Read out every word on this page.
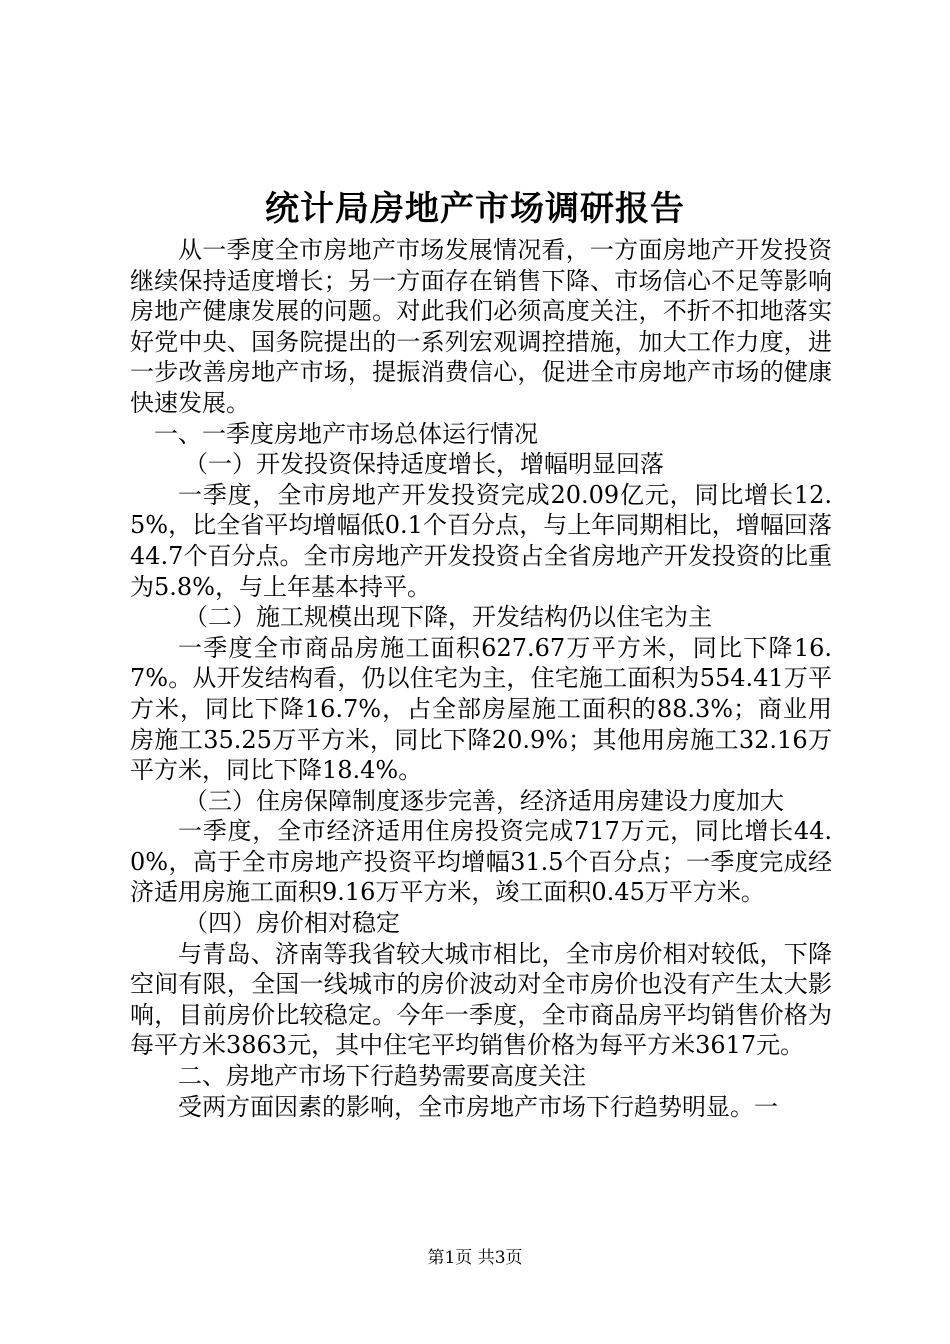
统计局房地产市场调研报告

从一季度全市房地产市场发展情况看，一方面房地产开发投资继续保持适度增长；另一方面存在销售下降、市场信心不足等影响房地产健康发展的问题。对此我们必须高度关注，不折不扣地落实好党中央、国务院提出的一系列宏观调控措施，加大工作力度，进一步改善房地产市场，提振消费信心，促进全市房地产市场的健康快速发展。

一、一季度房地产市场总体运行情况

（一）开发投资保持适度增长，增幅明显回落

一季度，全市房地产开发投资完成20.09亿元，同比增长12.5%，比全省平均增幅低0.1个百分点，与上年同期相比，增幅回落44.7个百分点。全市房地产开发投资占全省房地产开发投资的比重为5.8%，与上年基本持平。

（二）施工规模出现下降，开发结构仍以住宅为主

一季度全市商品房施工面积627.67万平方米，同比下降16.7%。从开发结构看，仍以住宅为主，住宅施工面积为554.41万平方米，同比下降16.7%，占全部房屋施工面积的88.3%；商业用房施工35.25万平方米，同比下降20.9%；其他用房施工32.16万平方米，同比下降18.4%。

（三）住房保障制度逐步完善，经济适用房建设力度加大

一季度，全市经济适用住房投资完成717万元，同比增长44.0%，高于全市房地产投资平均增幅31.5个百分点；一季度完成经济适用房施工面积9.16万平方米，竣工面积0.45万平方米。

（四）房价相对稳定

与青岛、济南等我省较大城市相比，全市房价相对较低，下降空间有限，全国一线城市的房价波动对全市房价也没有产生太大影响，目前房价比较稳定。今年一季度，全市商品房平均销售价格为每平方米3863元，其中住宅平均销售价格为每平方米3617元。

二、房地产市场下行趋势需要高度关注

受两方面因素的影响，全市房地产市场下行趋势明显。一

第1页 共3页
